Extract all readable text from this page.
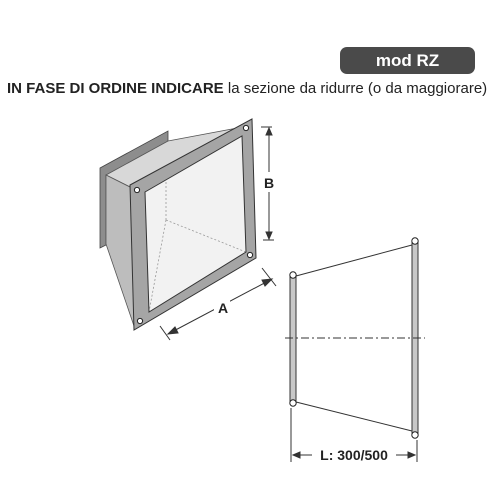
mod RZ
IN FASE DI ORDINE INDICARE la sezione da ridurre (o da maggiorare)
B
A
L: 300/500
